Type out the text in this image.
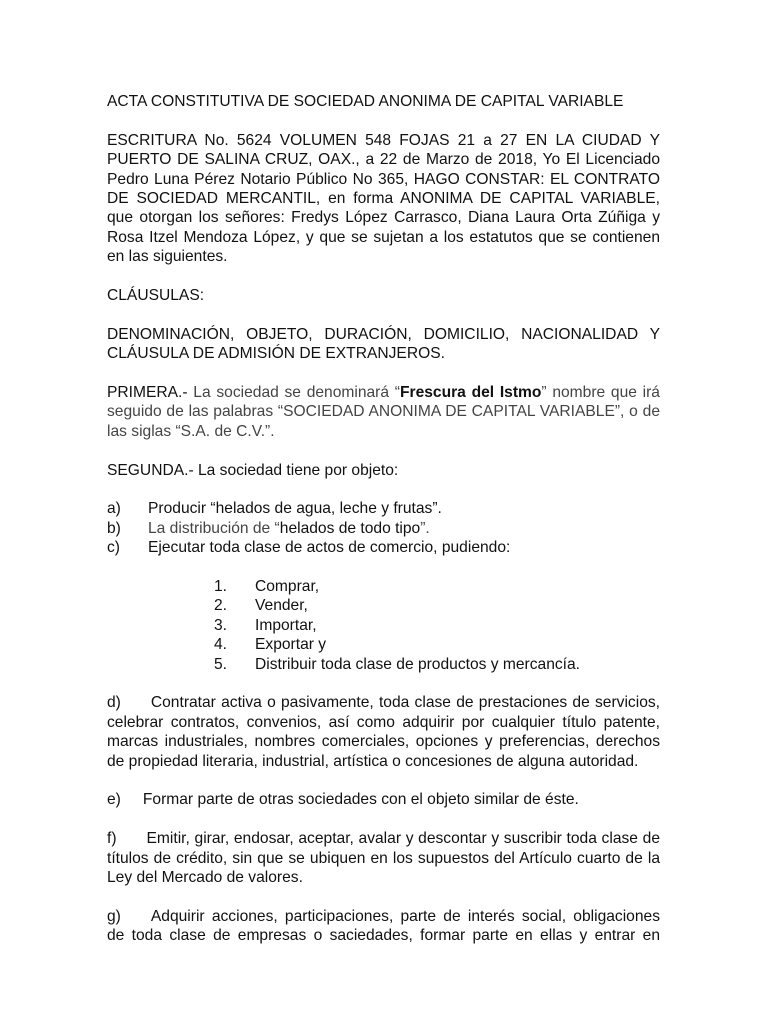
ACTA CONSTITUTIVA DE SOCIEDAD ANONIMA DE CAPITAL VARIABLE

ESCRITURA No. 5624 VOLUMEN 548 FOJAS 21 a 27 EN LA CIUDAD Y PUERTO DE SALINA CRUZ, OAX., a 22 de Marzo de 2018, Yo El Licenciado Pedro Luna Pérez Notario Público No 365, HAGO CONSTAR: EL CONTRATO DE SOCIEDAD MERCANTIL, en forma ANONIMA DE CAPITAL VARIABLE, que otorgan los señores: Fredys López Carrasco, Diana Laura Orta Zúñiga y Rosa Itzel Mendoza López, y que se sujetan a los estatutos que se contienen en las siguientes.

CLÁUSULAS:

DENOMINACIÓN, OBJETO, DURACIÓN, DOMICILIO, NACIONALIDAD Y CLÁUSULA DE ADMISIÓN DE EXTRANJEROS.

PRIMERA.- La sociedad se denominará “Frescura del Istmo” nombre que irá seguido de las palabras “SOCIEDAD ANONIMA DE CAPITAL VARIABLE”, o de las siglas “S.A. de C.V.”.

SEGUNDA.- La sociedad tiene por objeto:

a)	Producir “helados de agua, leche y frutas”.
b)	La distribución de “helados de todo tipo”.
c)	Ejecutar toda clase de actos de comercio, pudiendo:
1.	Comprar,
2.	Vender,
3.	Importar,
4.	Exportar y
5.	Distribuir toda clase de productos y mercancía.

d) Contratar activa o pasivamente, toda clase de prestaciones de servicios, celebrar contratos, convenios, así como adquirir por cualquier título patente, marcas industriales, nombres comerciales, opciones y preferencias, derechos de propiedad literaria, industrial, artística o concesiones de alguna autoridad.

e) Formar parte de otras sociedades con el objeto similar de éste.

f) Emitir, girar, endosar, aceptar, avalar y descontar y suscribir toda clase de títulos de crédito, sin que se ubiquen en los supuestos del Artículo cuarto de la Ley del Mercado de valores.

g) Adquirir acciones, participaciones, parte de interés social, obligaciones de toda clase de empresas o saciedades, formar parte en ellas y entrar en
